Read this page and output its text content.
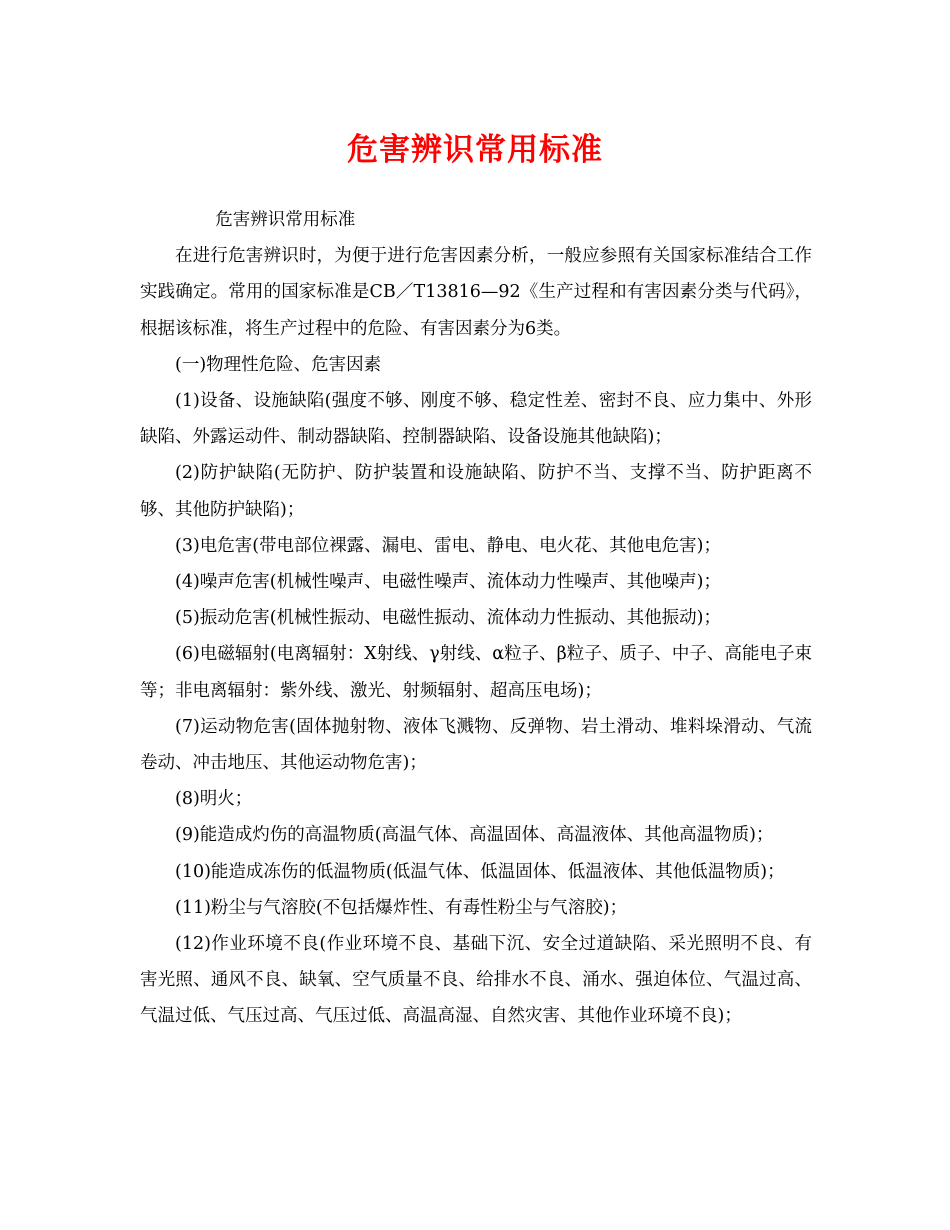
危害辨识常用标准

危害辨识常用标准

在进行危害辨识时，为便于进行危害因素分析，一般应参照有关国家标准结合工作实践确定。常用的国家标准是CB／T13816—92《生产过程和有害因素分类与代码》，根据该标准，将生产过程中的危险、有害因素分为6类。

(一)物理性危险、危害因素

(1)设备、设施缺陷(强度不够、刚度不够、稳定性差、密封不良、应力集中、外形缺陷、外露运动件、制动器缺陷、控制器缺陷、设备设施其他缺陷)；

(2)防护缺陷(无防护、防护装置和设施缺陷、防护不当、支撑不当、防护距离不够、其他防护缺陷)；

(3)电危害(带电部位裸露、漏电、雷电、静电、电火花、其他电危害)；

(4)噪声危害(机械性噪声、电磁性噪声、流体动力性噪声、其他噪声)；

(5)振动危害(机械性振动、电磁性振动、流体动力性振动、其他振动)；

(6)电磁辐射(电离辐射：X射线、γ射线、α粒子、β粒子、质子、中子、高能电子束等；非电离辐射：紫外线、激光、射频辐射、超高压电场)；

(7)运动物危害(固体抛射物、液体飞溅物、反弹物、岩土滑动、堆料垛滑动、气流卷动、冲击地压、其他运动物危害)；

(8)明火；

(9)能造成灼伤的高温物质(高温气体、高温固体、高温液体、其他高温物质)；

(10)能造成冻伤的低温物质(低温气体、低温固体、低温液体、其他低温物质)；

(11)粉尘与气溶胶(不包括爆炸性、有毒性粉尘与气溶胶)；

(12)作业环境不良(作业环境不良、基础下沉、安全过道缺陷、采光照明不良、有害光照、通风不良、缺氧、空气质量不良、给排水不良、涌水、强迫体位、气温过高、气温过低、气压过高、气压过低、高温高湿、自然灾害、其他作业环境不良)；
